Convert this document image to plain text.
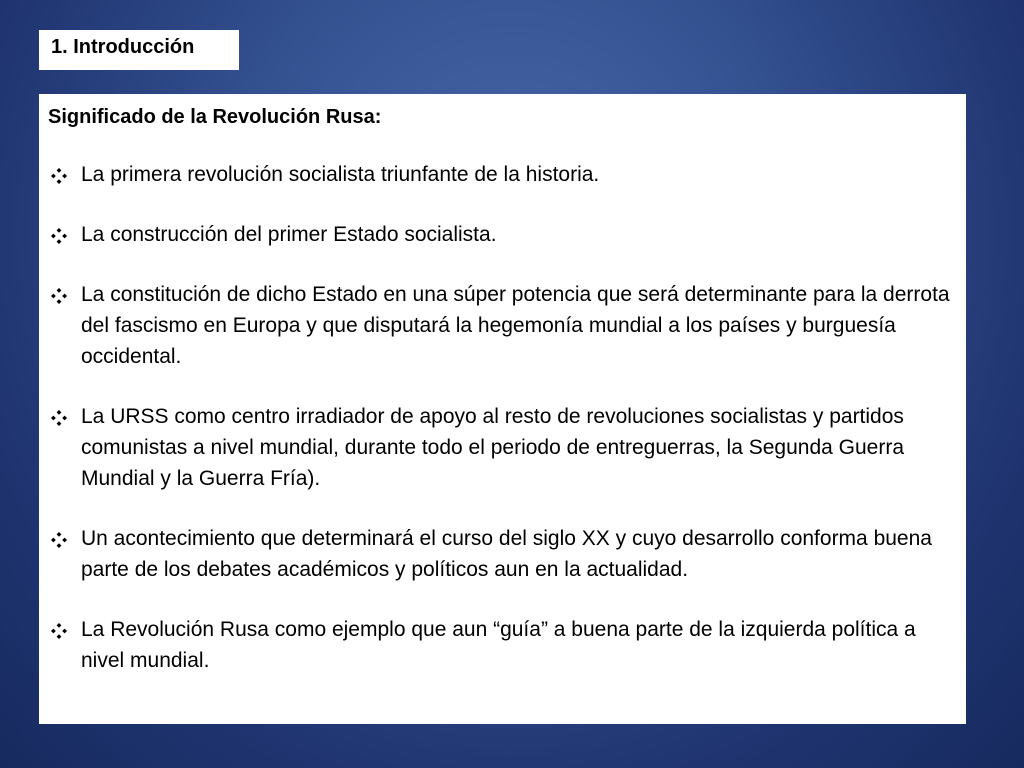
1. Introducción
Significado de la Revolución Rusa:
La primera revolución socialista triunfante de la historia.
La construcción del primer Estado socialista.
La constitución de dicho Estado en una súper potencia que será determinante para la derrota del fascismo en Europa y que disputará la hegemonía mundial a los países y burguesía occidental.
La URSS como centro irradiador de apoyo al resto de revoluciones socialistas y partidos comunistas a nivel mundial, durante todo el periodo de entreguerras, la Segunda Guerra Mundial y la Guerra Fría).
Un acontecimiento que determinará el curso del siglo XX y cuyo desarrollo conforma buena parte de los debates académicos y políticos aun en la actualidad.
La Revolución Rusa como ejemplo que aun “guía” a buena parte de la izquierda política a nivel mundial.
